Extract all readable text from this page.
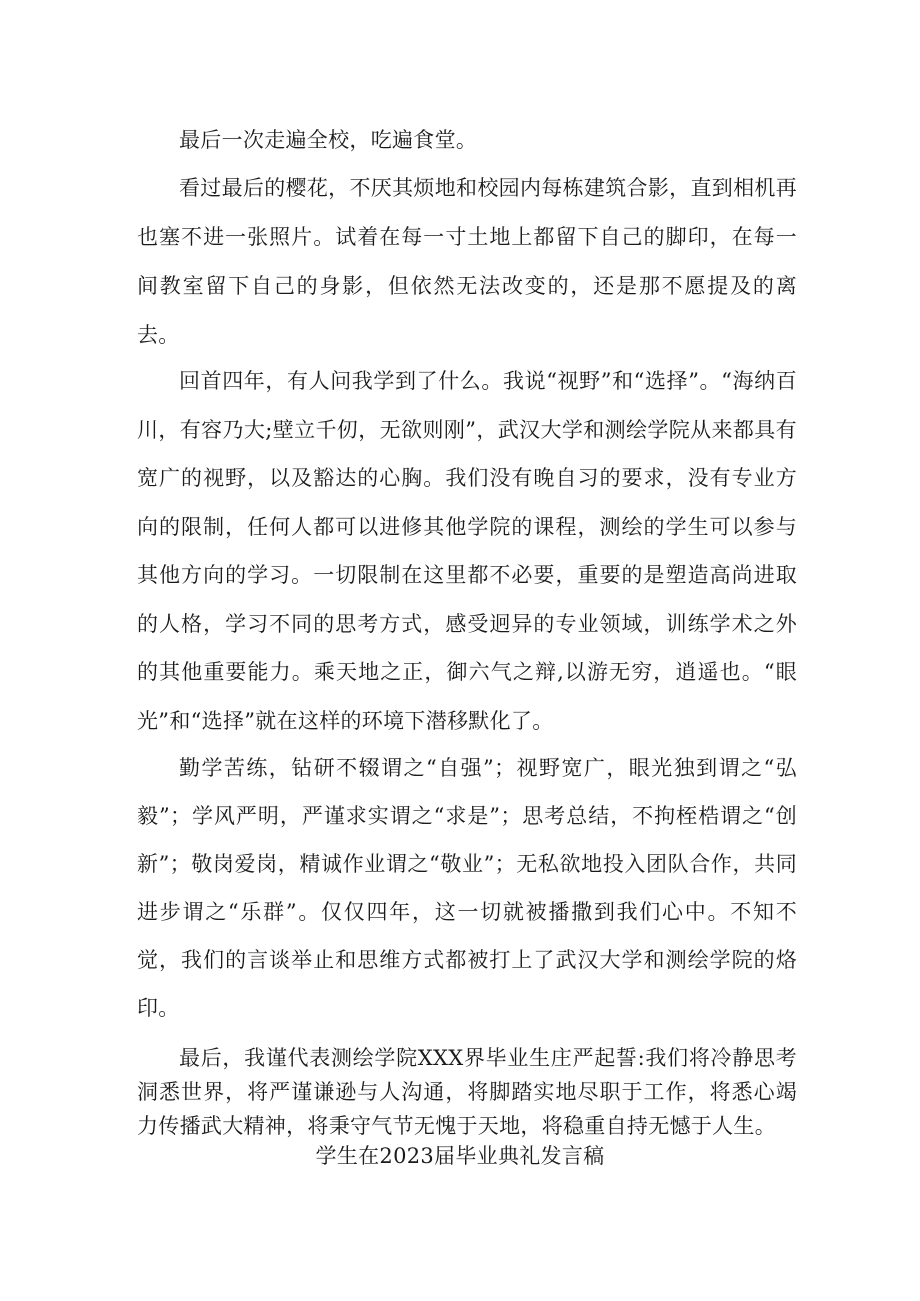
最后一次走遍全校，吃遍食堂。

看过最后的樱花，不厌其烦地和校园内每栋建筑合影，直到相机再也塞不进一张照片。试着在每一寸土地上都留下自己的脚印，在每一间教室留下自己的身影，但依然无法改变的，还是那不愿提及的离去。

回首四年，有人问我学到了什么。我说“视野”和“选择”。“海纳百川，有容乃大;壁立千仞，无欲则刚”，武汉大学和测绘学院从来都具有宽广的视野，以及豁达的心胸。我们没有晚自习的要求，没有专业方向的限制，任何人都可以进修其他学院的课程，测绘的学生可以参与其他方向的学习。一切限制在这里都不必要，重要的是塑造高尚进取的人格，学习不同的思考方式，感受迥异的专业领域，训练学术之外的其他重要能力。乘天地之正，御六气之辩,以游无穷，逍遥也。“眼光”和“选择”就在这样的环境下潜移默化了。

勤学苦练，钻研不辍谓之“自强”；视野宽广，眼光独到谓之“弘毅”；学风严明，严谨求实谓之“求是”；思考总结，不拘桎梏谓之“创新”；敬岗爱岗，精诚作业谓之“敬业”；无私欲地投入团队合作，共同进步谓之“乐群”。仅仅四年，这一切就被播撒到我们心中。不知不觉，我们的言谈举止和思维方式都被打上了武汉大学和测绘学院的烙印。

最后，我谨代表测绘学院XXX界毕业生庄严起誓:我们将冷静思考洞悉世界，将严谨谦逊与人沟通，将脚踏实地尽职于工作，将悉心竭力传播武大精神，将秉守气节无愧于天地，将稳重自持无憾于人生。

学生在2023届毕业典礼发言稿
